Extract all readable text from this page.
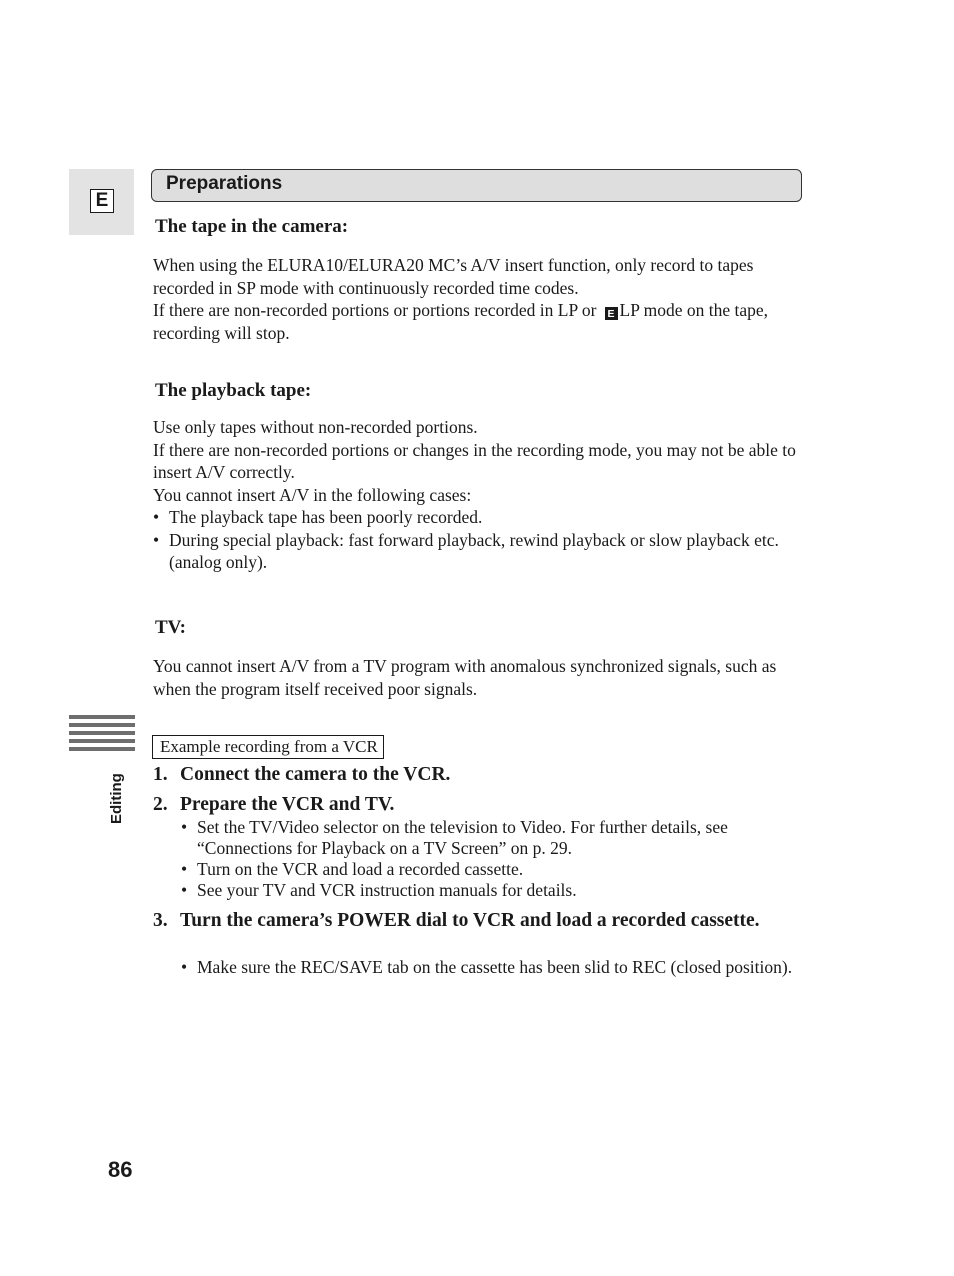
E
Preparations
The tape in the camera:

When using the ELURA10/ELURA20 MC’s A/V insert function, only record to tapes recorded in SP mode with continuously recorded time codes.

If there are non-recorded portions or portions recorded in LP or E LP mode on the tape, recording will stop.

The playback tape:

Use only tapes without non-recorded portions.

If there are non-recorded portions or changes in the recording mode, you may not be able to insert A/V correctly.

You cannot insert A/V in the following cases:

• The playback tape has been poorly recorded.
• During special playback: fast forward playback, rewind playback or slow playback etc. (analog only).
TV:
You cannot insert A/V from a TV program with anomalous synchronized signals, such as when the program itself received poor signals.
Editing
Example recording from a VCR
1. Connect the camera to the VCR.
2. Prepare the VCR and TV.
• Set the TV/Video selector on the television to Video. For further details, see “Connections for Playback on a TV Screen” on p. 29.
• Turn on the VCR and load a recorded cassette.
• See your TV and VCR instruction manuals for details.
3. Turn the camera’s POWER dial to VCR and load a recorded cassette.
• Make sure the REC/SAVE tab on the cassette has been slid to REC (closed position).
86
